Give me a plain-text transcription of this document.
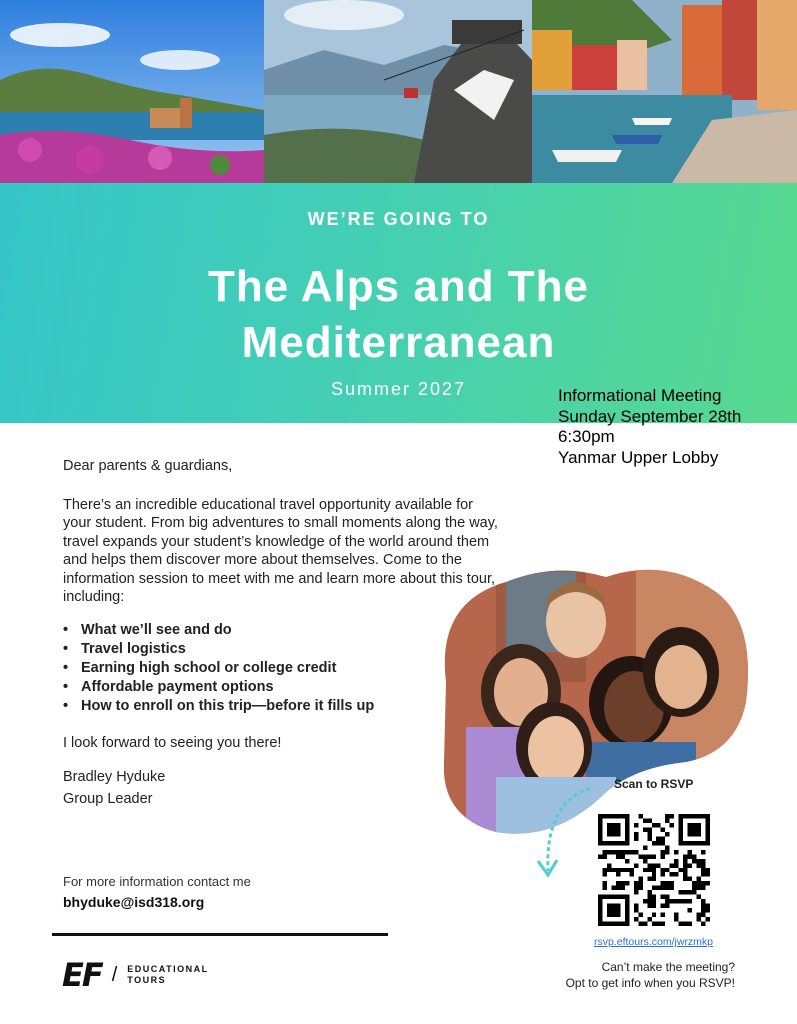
WE’RE GOING TO
The Alps and The
Mediterranean
Summer 2027	Informational Meeting
Sunday September 28th
6:30pm
Yanmar Upper Lobby

Dear parents & guardians,

There’s an incredible educational travel opportunity available for your student. From big adventures to small moments along the way, travel expands your student’s knowledge of the world around them and helps them discover more about themselves. Come to the information session to meet with me and learn more about this tour, including:

• What we’ll see and do
• Travel logistics
• Earning high school or college credit
• Affordable payment options
• How to enroll on this trip—before it fills up

I look forward to seeing you there!

Bradley Hyduke
Group Leader
For more information contact me
bhyduke@isd318.org
EF / EDUCATIONAL
TOURS
Scan to RSVP
rsvp.eftours.com/jwrzmkp
Can’t make the meeting?
Opt to get info when you RSVP!
